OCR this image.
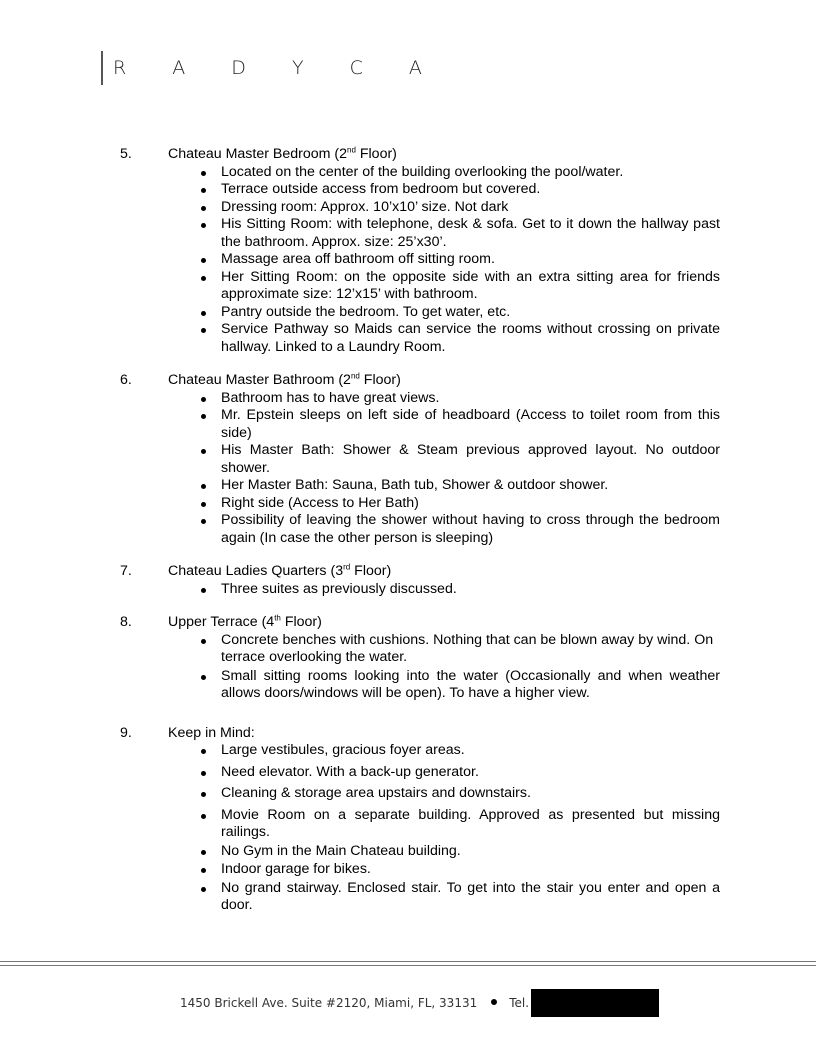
R A D Y C A
5.	Chateau Master Bedroom (2nd Floor)
Located on the center of the building overlooking the pool/water.
Terrace outside access from bedroom but covered.
Dressing room: Approx. 10’x10’ size. Not dark
His Sitting Room: with telephone, desk & sofa. Get to it down the hallway past the bathroom. Approx. size: 25’x30’.
Massage area off bathroom off sitting room.
Her Sitting Room: on the opposite side with an extra sitting area for friends approximate size: 12’x15’ with bathroom.
Pantry outside the bedroom. To get water, etc.
Service Pathway so Maids can service the rooms without crossing on private hallway. Linked to a Laundry Room.
6.	Chateau Master Bathroom (2nd Floor)
Bathroom has to have great views.
Mr. Epstein sleeps on left side of headboard (Access to toilet room from this side)
His Master Bath: Shower & Steam previous approved layout. No outdoor shower.
Her Master Bath: Sauna, Bath tub, Shower & outdoor shower.
Right side (Access to Her Bath)
Possibility of leaving the shower without having to cross through the bedroom again (In case the other person is sleeping)
7.	Chateau Ladies Quarters (3rd Floor)
Three suites as previously discussed.
8.	Upper Terrace (4th Floor)
Concrete benches with cushions. Nothing that can be blown away by wind. On terrace overlooking the water.
Small sitting rooms looking into the water (Occasionally and when weather allows doors/windows will be open). To have a higher view.
9.	Keep in Mind:
Large vestibules, gracious foyer areas.
Need elevator. With a back-up generator.
Cleaning & storage area upstairs and downstairs.
Movie Room on a separate building. Approved as presented but missing railings.
No Gym in the Main Chateau building.
Indoor garage for bikes.
No grand stairway. Enclosed stair. To get into the stair you enter and open a door.
1450 Brickell Ave. Suite #2120, Miami, FL, 33131	Tel.
